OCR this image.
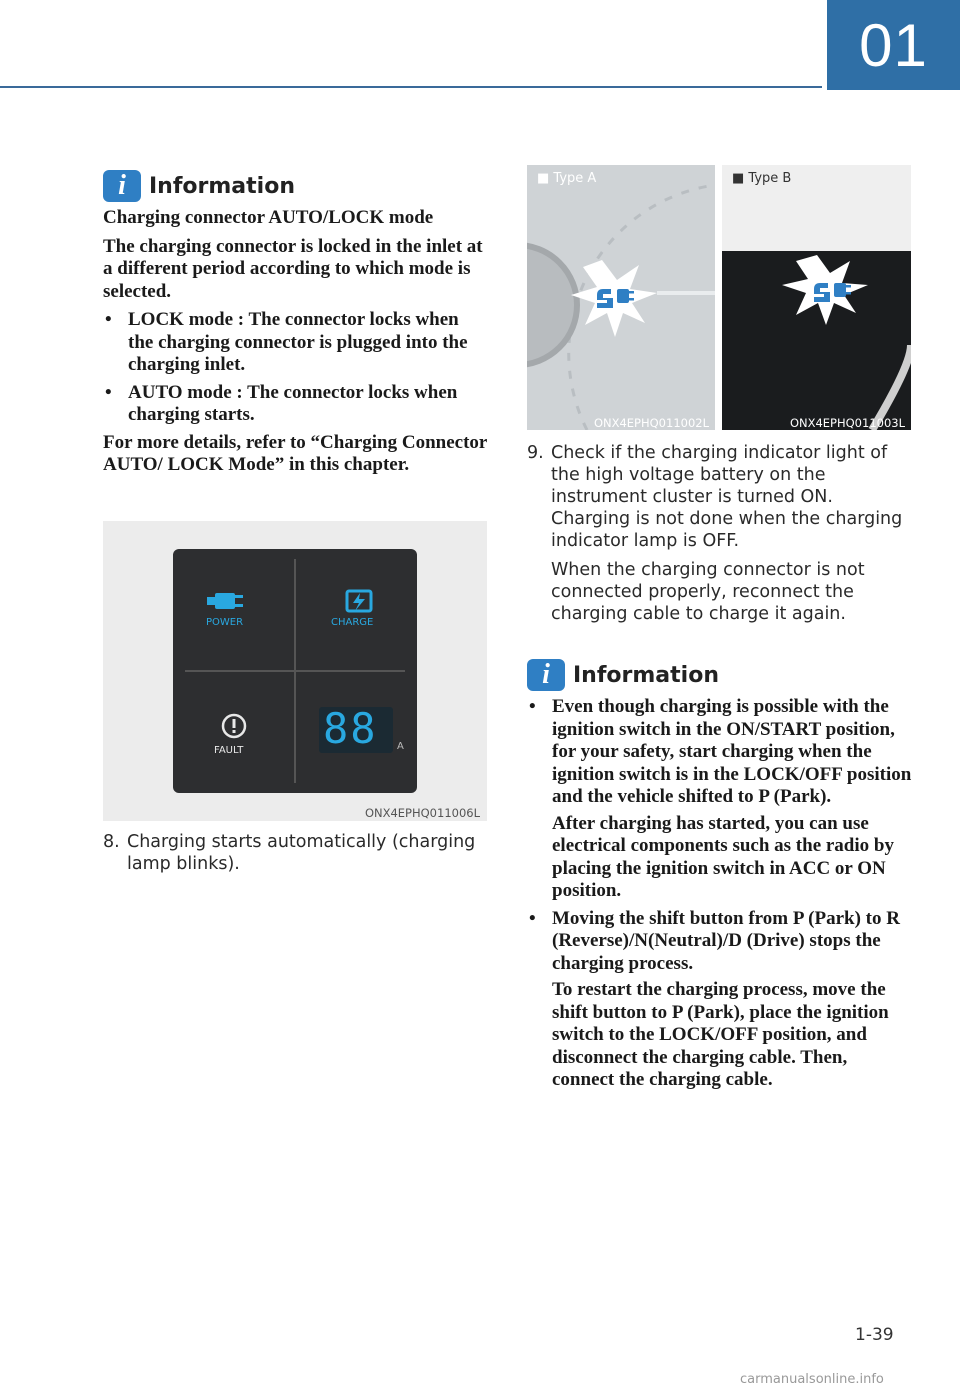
01
i	Information

Charging connector AUTO/LOCK mode

The charging connector is locked in the inlet at a different period according to which mode is selected.

• LOCK mode : The connector locks when the charging connector is plugged into the charging inlet.
• AUTO mode : The connector locks when charging starts.

For more details, refer to “Charging Connector AUTO/ LOCK Mode” in this chapter.

POWER	CHARGE
FAULT 88 A
ONX4EPHQ011006L
8. Charging starts automatically (charging lamp blinks).
■ Type A
ONX4EPHQ011002L
■ Type B
ONX4EPHQ011003L
9. Check if the charging indicator light of the high voltage battery on the instrument cluster is turned ON. Charging is not done when the charging indicator lamp is OFF.
When the charging connector is not connected properly, reconnect the charging cable to charge it again.
i	Information
• Even though charging is possible with the ignition switch in the ON/START position, for your safety, start charging when the ignition switch is in the LOCK/OFF position and the vehicle shifted to P (Park).
After charging has started, you can use electrical components such as the radio by placing the ignition switch in ACC or ON position.
• Moving the shift button from P (Park) to R (Reverse)/N(Neutral)/D (Drive) stops the charging process.
To restart the charging process, move the shift button to P (Park), place the ignition switch to the LOCK/OFF position, and disconnect the charging cable. Then, connect the charging cable.
1-39
carmanualsonline.info
